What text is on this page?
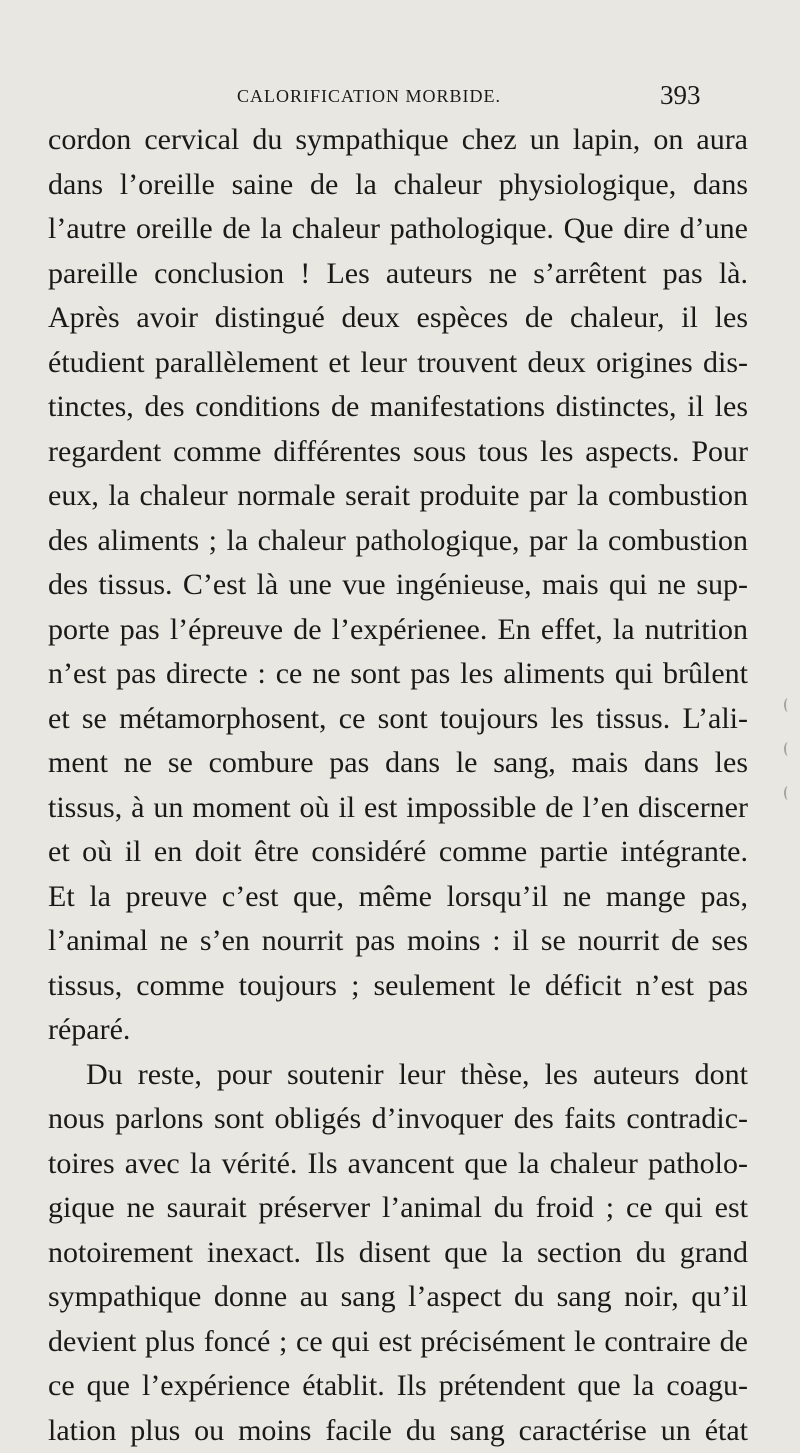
CALORIFICATION MORBIDE.	393
cordon cervical du sympathique chez un lapin, on aura
dans l’oreille saine de la chaleur physiologique, dans
l’autre oreille de la chaleur pathologique. Que dire d’une
pareille conclusion ! Les auteurs ne s’arrêtent pas là.
Après avoir distingué deux espèces de chaleur, il les
étudient parallèlement et leur trouvent deux origines dis-
tinctes, des conditions de manifestations distinctes, il les
regardent comme différentes sous tous les aspects. Pour
eux, la chaleur normale serait produite par la combustion
des aliments ; la chaleur pathologique, par la combustion
des tissus. C’est là une vue ingénieuse, mais qui ne sup-
porte pas l’épreuve de l’expérienee. En effet, la nutrition
n’est pas directe : ce ne sont pas les aliments qui brûlent
et se métamorphosent, ce sont toujours les tissus. L’ali-
ment ne se combure pas dans le sang, mais dans les
tissus, à un moment où il est impossible de l’en discerner
et où il en doit être considéré comme partie intégrante.
Et la preuve c’est que, même lorsqu’il ne mange pas,
l’animal ne s’en nourrit pas moins : il se nourrit de ses
tissus, comme toujours ; seulement le déficit n’est pas
réparé.
Du reste, pour soutenir leur thèse, les auteurs dont
nous parlons sont obligés d’invoquer des faits contradic-
toires avec la vérité. Ils avancent que la chaleur patholo-
gique ne saurait préserver l’animal du froid ; ce qui est
notoirement inexact. Ils disent que la section du grand
sympathique donne au sang l’aspect du sang noir, qu’il
devient plus foncé ; ce qui est précisément le contraire de
ce que l’expérience établit. Ils prétendent que la coagu-
lation plus ou moins facile du sang caractérise un état
